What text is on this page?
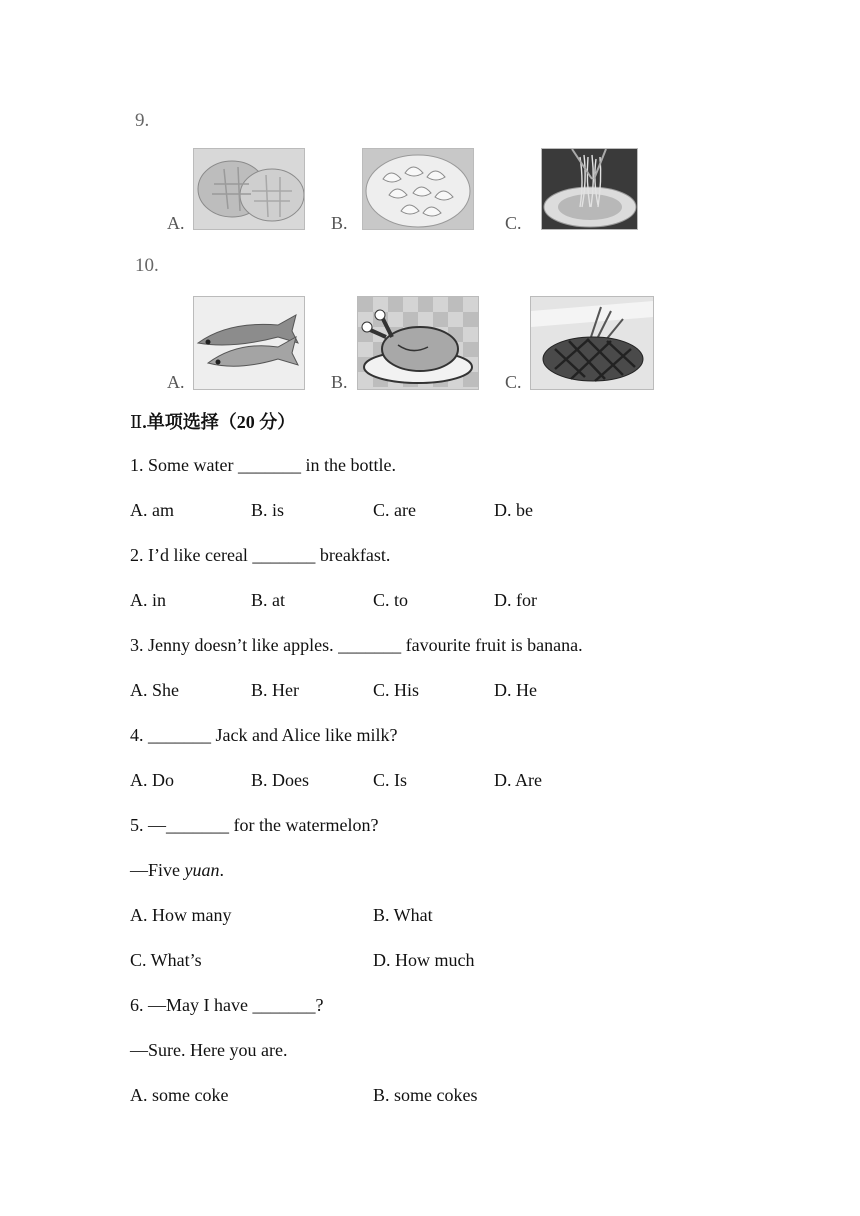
9.
A.	B.	C.
10.
A.	B.	C.
Ⅱ.单项选择（20 分）
1. Some water _______ in the bottle.
A. am	B. is	C. are	D. be
2. I’d like cereal _______ breakfast.
A. in	B. at	C. to	D. for
3. Jenny doesn’t like apples. _______ favourite fruit is banana.
A. She	B. Her	C. His	D. He
4. _______ Jack and Alice like milk?
A. Do	B. Does	C. Is	D. Are
5. —_______ for the watermelon?
—Five yuan.
A. How many	B. What
C. What’s	D. How much
6. —May I have _______?
—Sure. Here you are.
A. some coke	B. some cokes
